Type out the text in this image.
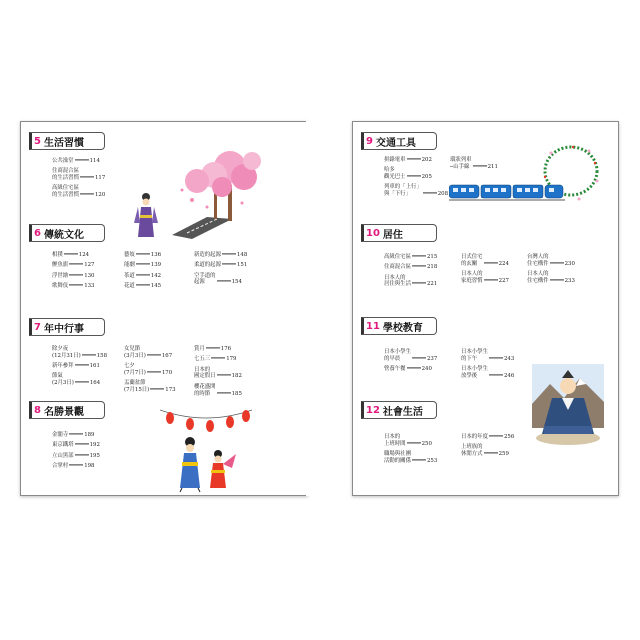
5 生活習慣
公共澡堂	114
住商混合區
的生活習慣	117
高級住宅區
的生活習慣	120
6 傳統文化
相撲	124
鯉魚旗	127
浮世繪	130
歌舞伎	133
藝妓	136
能劇	139
茶道	142
花道	145
新造的起源	148
柔道的起源	151
空手道的
起源	154
7 年中行事
除夕夜
(12月31日)	158
新年參拜	161
節氣
(2月3日)	164
女兒節
(3月3日)	167
七夕
(7月7日)	170
盂蘭盆節
(7月15日)	173
賞月	176
七五三	179
日本的
國定假日	182
櫻花盛開
的時節	185
8 名勝景觀
金閣寺	189
東京鐵塔	192
立山黑部	195
合掌村	198
9 交通工具
拼錄電車	202
哈多
觀光巴士	205
列車的「上行」
與「下行」	208
環狀列車
─山手線	211
10 居住
高級住宅區	215
住商混合區	218
日本人的
居住與生活	221
日式住宅
的玄關	224
日本人的
家庭習慣	227
台灣人的
住宅構件	230
日本人的
住宅構件	233
11 學校教育
日本小學生
的早晨	237
營養午餐	240
日本小學生
的下午	243
日本小學生
放學後	246
12 社會生活
日本的
上班時間	250
職場與社團
活動的關係	253
日本的年度	256
上班族的
休閒方式	259
